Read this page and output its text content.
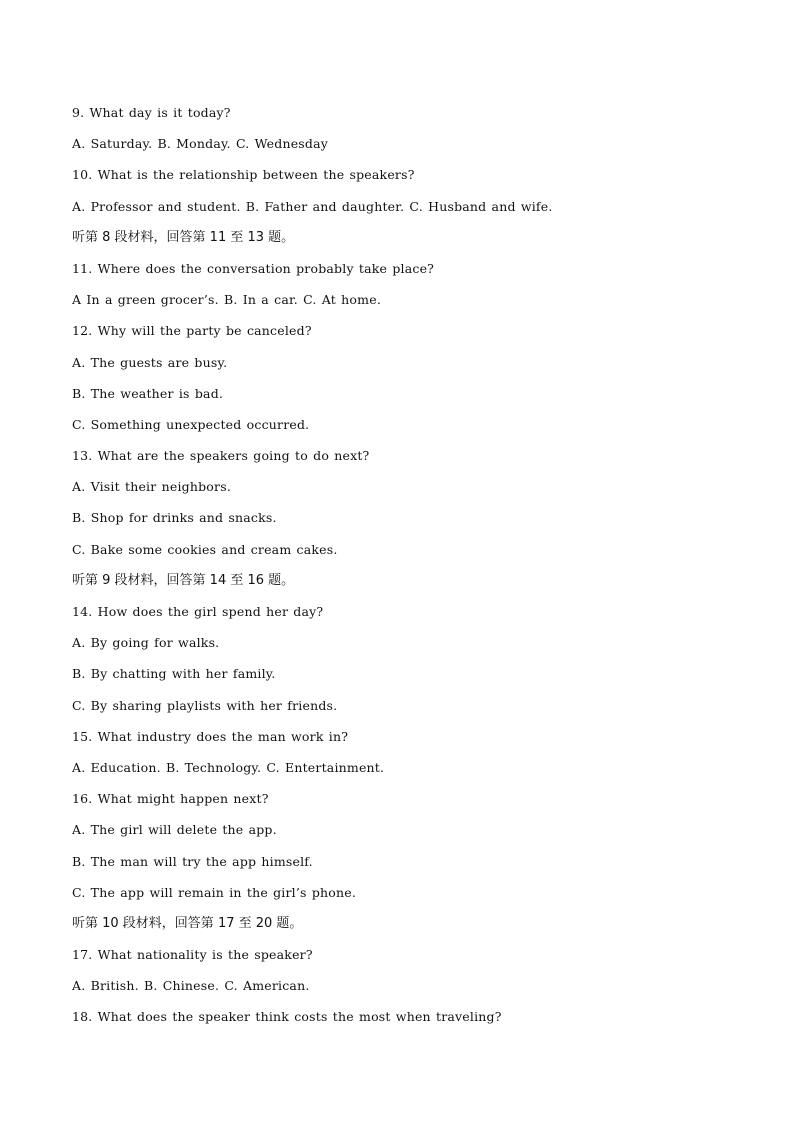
9. What day is it today?
A. Saturday. B. Monday. C. Wednesday
10. What is the relationship between the speakers?
A. Professor and student. B. Father and daughter. C. Husband and wife.
听第 8 段材料，回答第 11 至 13 题。
11. Where does the conversation probably take place?
A In a green grocer’s. B. In a car. C. At home.
12. Why will the party be canceled?
A. The guests are busy.
B. The weather is bad.
C. Something unexpected occurred.
13. What are the speakers going to do next?
A. Visit their neighbors.
B. Shop for drinks and snacks.
C. Bake some cookies and cream cakes.
听第 9 段材料，回答第 14 至 16 题。
14. How does the girl spend her day?
A. By going for walks.
B. By chatting with her family.
C. By sharing playlists with her friends.
15. What industry does the man work in?
A. Education. B. Technology. C. Entertainment.
16. What might happen next?
A. The girl will delete the app.
B. The man will try the app himself.
C. The app will remain in the girl’s phone.
听第 10 段材料，回答第 17 至 20 题。
17. What nationality is the speaker?
A. British. B. Chinese. C. American.
18. What does the speaker think costs the most when traveling?
